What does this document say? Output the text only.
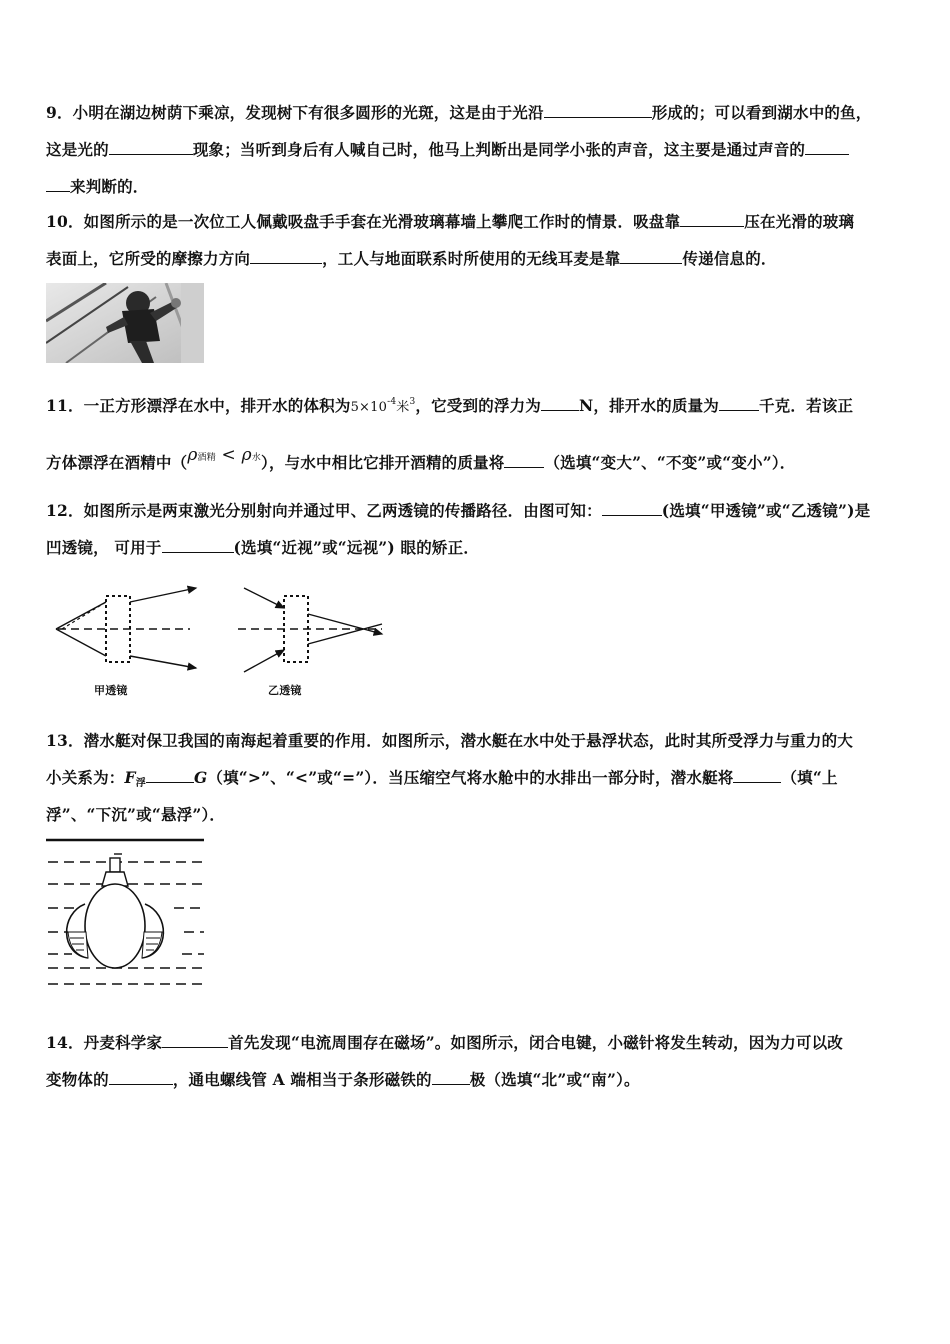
9．小明在湖边树荫下乘凉，发现树下有很多圆形的光斑，这是由于光沿	形成的；可以看到湖水中的鱼，
这是光的	现象；当听到身后有人喊自己时，他马上判断出是同学小张的声音，这主要是通过声音的
来判断的．
10．如图所示的是一次位工人佩戴吸盘手手套在光滑玻璃幕墙上攀爬工作时的情景．吸盘靠	压在光滑的玻璃
表面上，它所受的摩擦力方向	，工人与地面联系时所使用的无线耳麦是靠	传递信息的．
11．一正方形漂浮在水中，排开水的体积为$5\times 10^{-4}$米$^3$，它受到的浮力为 N，排开水的质量为	千克．若该正
方体漂浮在酒精中（ρ酒精 < ρ水），与水中相比它排开酒精的质量将	（选填“变大”、“不变”或“变小”）．
12．如图所示是两束激光分别射向并通过甲、乙两透镜的传播路径．由图可知：	(选填“甲透镜”或“乙透镜”)是
凹透镜， 可用于	(选填“近视”或“远视”) 眼的矫正．
甲透镜	乙透镜
13．潜水艇对保卫我国的南海起着重要的作用．如图所示，潜水艇在水中处于悬浮状态，此时其所受浮力与重力的大
小关系为：$F_浮$	G（填“>”、“<”或“=”）．当压缩空气将水舱中的水排出一部分时，潜水艇将	（填“上
浮”、“下沉”或“悬浮”）．
14．丹麦科学家	首先发现“电流周围存在磁场”。如图所示，闭合电键，小磁针将发生转动，因为力可以改
变物体的	，通电螺线管 A 端相当于条形磁铁的 极（选填“北”或“南”）。
